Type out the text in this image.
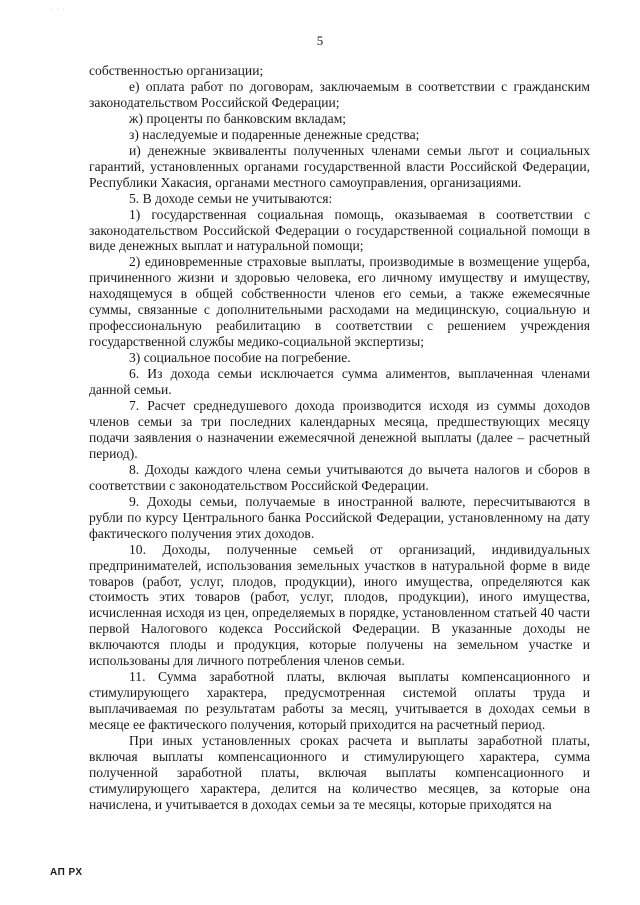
· · ·
5

собственностью организации;

е) оплата работ по договорам, заключаемым в соответствии с гражданским законодательством Российской Федерации;

ж) проценты по банковским вкладам;

з) наследуемые и подаренные денежные средства;

и) денежные эквиваленты полученных членами семьи льгот и социальных гарантий, установленных органами государственной власти Российской Федерации, Республики Хакасия, органами местного самоуправления, организациями.

5. В доходе семьи не учитываются:

1) государственная социальная помощь, оказываемая в соответствии с законодательством Российской Федерации о государственной социальной помощи в виде денежных выплат и натуральной помощи;

2) единовременные страховые выплаты, производимые в возмещение ущерба, причиненного жизни и здоровью человека, его личному имуществу и имуществу, находящемуся в общей собственности членов его семьи, а также ежемесячные суммы, связанные с дополнительными расходами на медицинскую, социальную и профессиональную реабилитацию в соответствии с решением учреждения государственной службы медико-социальной экспертизы;

3) социальное пособие на погребение.

6. Из дохода семьи исключается сумма алиментов, выплаченная членами данной семьи.

7. Расчет среднедушевого дохода производится исходя из суммы доходов членов семьи за три последних календарных месяца, предшествующих месяцу подачи заявления о назначении ежемесячной денежной выплаты (далее – расчетный период).

8. Доходы каждого члена семьи учитываются до вычета налогов и сборов в соответствии с законодательством Российской Федерации.

9. Доходы семьи, получаемые в иностранной валюте, пересчитываются в рубли по курсу Центрального банка Российской Федерации, установленному на дату фактического получения этих доходов.

10. Доходы, полученные семьей от организаций, индивидуальных предпринимателей, использования земельных участков в натуральной форме в виде товаров (работ, услуг, плодов, продукции), иного имущества, определяются как стоимость этих товаров (работ, услуг, плодов, продукции), иного имущества, исчисленная исходя из цен, определяемых в порядке, установленном статьей 40 части первой Налогового кодекса Российской Федерации. В указанные доходы не включаются плоды и продукция, которые получены на земельном участке и использованы для личного потребления членов семьи.

11. Сумма заработной платы, включая выплаты компенсационного и стимулирующего характера, предусмотренная системой оплаты труда и выплачиваемая по результатам работы за месяц, учитывается в доходах семьи в месяце ее фактического получения, который приходится на расчетный период.

При иных установленных сроках расчета и выплаты заработной платы, включая выплаты компенсационного и стимулирующего характера, сумма полученной заработной платы, включая выплаты компенсационного и стимулирующего характера, делится на количество месяцев, за которые она начислена, и учитывается в доходах семьи за те месяцы, которые приходятся на

АП РХ
